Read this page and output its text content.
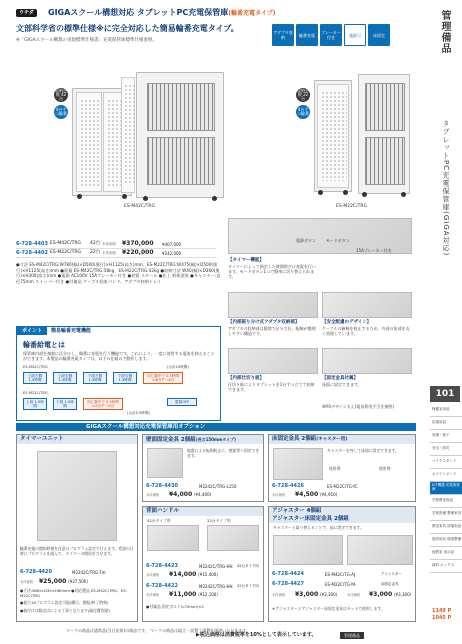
ウチダ	GIGAスクール構想対応 タブレットPC充電保管庫(輪番充電タイプ)
文部科学省の標準仕様※に完全対応した簡易輪番充電タイプ。
※「GIGAスクール構想の実現標準仕様書」充電保管庫標準仕様参照。
アダプタ収納	輪番充電	ブレーカー付き	施錠可	床固定
収納台数 42台
4台ずつ輪番
ES-M42C/TRG
収納台数 22台
4台ずつ輪番
ES-M22C/TRG
6-728-4403 ES-M42C/TRG	42台 本体価格	¥370,000	¥407,000
6-728-4402 ES-M22C/TRG	22台 本体価格	¥220,000	¥242,000
●寸法 ES-M42C/TRG:W780(幅)×D500(奥行)×H1125(高さ)mm、ES-M22C/TRG:W475(幅)×D500(奥行)×H1125(高さ)mm ●重量 ES-M42C/TRG:58kg、ES-M22C/TRG:42kg ●収納寸法 W40(幅)×D360(奥行)×H300(高さ)mm ●電源 AC100V 15Aブレーカー付き ●材質 スチール ●仕上 粉体塗装 ●キャスター:直径75mm ストッパー付き ●付属品 ケーブル結束バンド、アダプタ収納トレイ
電源ボタン	モードボタン
15Aブレーカー付き
【タイマー機能】
タイマーによって指定した時間帯だけ充電を行います。モードボタン1つで簡単に切り替えられます。
【内部振り分け式アダプタ収納部】
アダプタの収納部は個別で区分され、配線が整理しやすい構造です。
【安全配慮のデザイン】
ケーブルの断線を防止するため、内部の角部を丸く処理しています。
【内部仕切り板】
仕切り板によりタブレットを1台ずつ立てて収納できます。
【固定金具付属】
床面に固定できます。
※P.0デザイン支え(電気利用手引き参照)
ポイント	簡易輪番充電機能
輪番給電とは
保管庫内部を複数に区分けし、順番に充電を行う機能です。これにより、一度に使用する電流を抑えることができます。本製品の輪番充電タイプは、以下の仕組みで動作します。
ES-M42C/TRG	(合計10時間)
上段左側 1.5時間
上段右側 1.5時間
下段左側 1.5時間
下段右側 1.5時間
同じ順序で 0.5時間×4回ずつ2回
ES-M22C/TRG
上段 1.5時間
下段 1.5時間
同じ順序で 0.5時間×2回ずつ2回
(合計5.5時間)
電源OFF
GIGAスクール構想対応充電保管庫用オプション
タイマーユニット
輪番充電の開始時刻を任意のプログラム設定で行えます。希望の日時にプログラムを組んで、タイマーの開始をさせます。
6-728-4420	M2242C/TRG-Tm
本体価格 ¥25,000 (¥27,500)
●寸法:W60×D30×H80mm ●対応製品 ES-M42C/TRG、ES-M22C/TRG
●最大16プログラム設定可能(曜日、開始/終了時刻)
●取付けは販売店による工事となります(取付費別途)
壁面固定金具 2個組(長さ150mmタイプ)
地震による転倒防止に、壁面等へ固定できます。
6-728-4430	M2242C/TRG-L150
本体価格 ¥4,000 (¥4,400)
床固定金具 2個組(キャスター用)
キャスターを外して床面に固定できます。
使用例	使用例
6-728-4426	ES-M22C/TG-YC
本体価格 ¥4,500 (¥4,950)
背面ハンドル
42台タイプ用	22台タイプ用
6-728-4423	M2242C/TRG-HH 42台タイプ用
本体価格 ¥14,000 (¥15,400)
6-728-4422	M2242C/TRG-HH 22台タイプ用
本体価格 ¥11,000 (¥12,100)
●付属品 固定ボルト(L70mm)×2
アジャスター 4個組
アジャスター床固定金具 2個組
キャスターと取り替えることで、床に固定できます。
6-728-4424	ES-M42C/TG-AJ	アジャスター
6-728-4427	ES-M22C/TG-YA	床固定金具
本体価格 ¥3,000 (¥3,300)	本体価格 ¥3,000 (¥3,300)
※アジャスターとアジャスター床固定金具はセットで使用します。
マークの商品は通常品(当日出荷)の商品です。 マークの商品は組立・設置工事費を別途いただきます。
▶税込価格は消費税率を10%として表示しています。	管理備品
管理備品
タブレットPC充電保管庫(GIGA対応)
101
保健室用品
応接用品
収納・物干
安全・防災
マイクスタンド
ホワイトボード
ICT機器 充電保管庫
学校教室用品
学校設備 整理家具
教室家具 清掃用品
施設用品 環境整備
他教室 表示品
資料 ボックス
1149 P
1045 P
